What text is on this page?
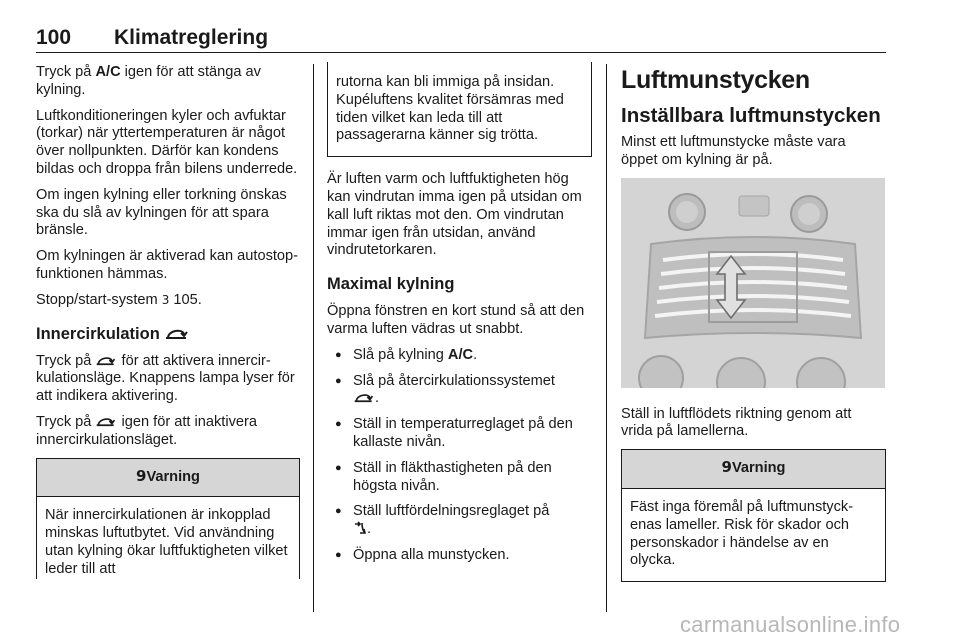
100 Klimatreglering

Tryck på A/C igen för att stänga av kylning.

Luftkonditioneringen kyler och avfuktar (torkar) när yttertemperaturen är något över nollpunkten. Därför kan kondens bildas och droppa från bilens underrede.

Om ingen kylning eller torkning önskas ska du slå av kylningen för att spara bränsle.

Om kylningen är aktiverad kan autostop-funktionen hämmas.

Stopp/start-system 3 105.

Innercirkulation

Tryck på  för att aktivera innercirkulationsläge. Knappens lampa lyser för att indikera aktivering.

Tryck på  igen för att inaktivera innercirkulationsläget.

9Varning
När innercirkulationen är inkopplad minskas luftutbytet. Vid användning utan kylning ökar luftfuktigheten vilket leder till att
rutorna kan bli immiga på insidan. Kupéluftens kvalitet försämras med tiden vilket kan leda till att passagerarna känner sig trötta.

Är luften varm och luftfuktigheten hög kan vindrutan imma igen på utsidan om kall luft riktas mot den. Om vindrutan immar igen från utsidan, använd vindrutetorkaren.

Maximal kylning

Öppna fönstren en kort stund så att den varma luften vädras ut snabbt.

● Slå på kylning A/C.
● Slå på återcirkulationssystemet
.
● Ställ in temperaturreglaget på den kallaste nivån.
● Ställ in fläkthastigheten på den högsta nivån.
● Ställ luftfördelningsreglaget på
.
● Öppna alla munstycken.
Luftmunstycken
Inställbara luftmunstycken

Minst ett luftmunstycke måste vara öppet om kylning är på.

Ställ in luftflödets riktning genom att vrida på lamellerna.

9Varning
Fäst inga föremål på luftmunstyckenas lameller. Risk för skador och personskador i händelse av en olycka.
carmanualsonline.info
